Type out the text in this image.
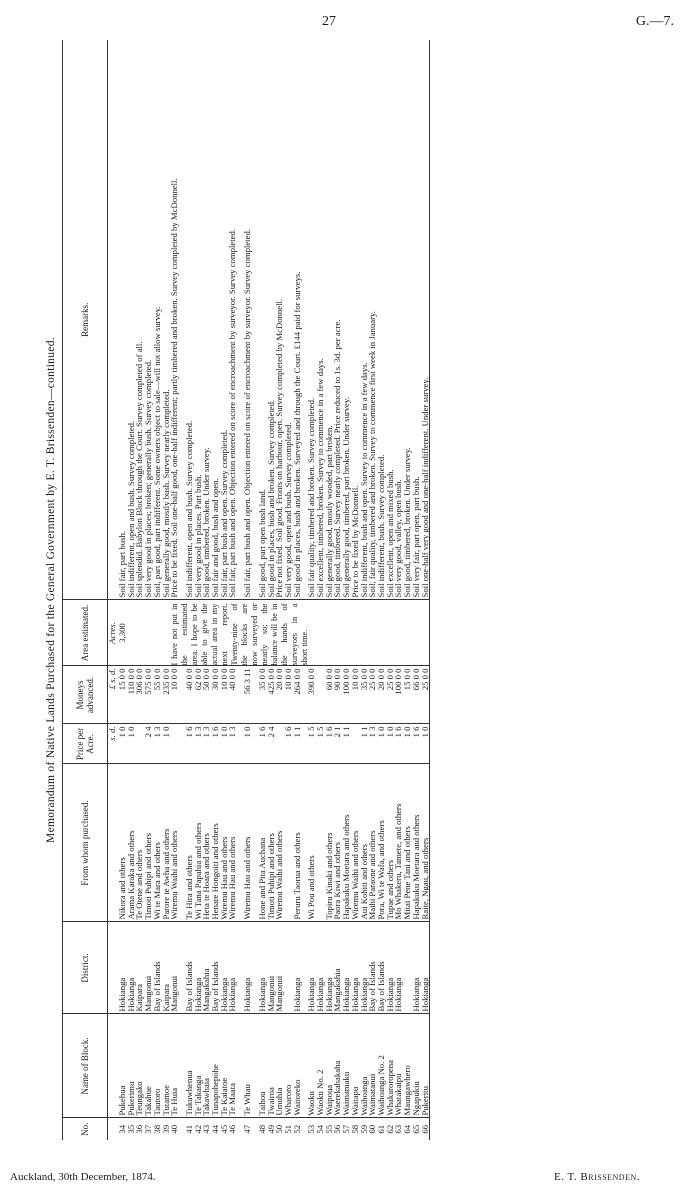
27	G.—7.
Memorandum of Native Lands Purchased for the General Government by E. T. Brissenden—continued.
No.	Name of Block.	District.	From whom purchased.	Price per Acre.	Moneys advanced.	Area estimated.	Remarks.
				s. d.	£ s. d.	Acres.	
34	Pukehua	Hokianga	Nikora and others	1 0	15 0 0	3,300 I have not put in the estimated area. I hope to be able to give the actual area in my next report. Twenty-nine of the blocks are now surveyed or nearly so; the balance will be in the hands of surveyors in a short time.	Soil fair, part bush.
35	Pukerimu	Hokianga	Arama Karaka and others	1 0	110 0 0		Soil indifferent, open and bush. Survey completed.
36	Teungako	Kaipara	Te Otene and others		306 0 0		Soil splendid. Babylon Block through the Court. Survey completed of all.
37	Takahue	Mangonui	Timoti Puhipi and others	2 4	575 0 0		Soil very good in places; broken; generally bush. Survey completed.
38	Tautoro	Bay of Islands	Wi te Mara and others	1 3	55 0 0		Soil, part good, part indifferent. Some owners object to sale—will not allow survey.
39	Tutamoe	Kaipara	Parore te Awha and others	1 0	235 0 0		Soil generally good, mostly bush. Survey nearly completed.
40	Te Huia	Mangonui	Wiremu Waihi and others		10 0 0		Price to be fixed. Soil one-half good, one-half indifferent; partly timbered and broken. Survey completed by McDonnell.

41	Tukuwhenua	Bay of Islands	Te Hira and others	1 6	40 0 0		Soil indifferent, open and bush. Survey completed.
42	Te Takanga	Hokianga	Wi Tana Papahia and others	1 3	62 0 0		Soil very good in places. Part bush.
43	Takawhaia	Mangakahia	Heta te Hoara and others	1 3	50 0 0		Soil good, timbered, broken. Under survey.
44	Tunapohepohe	Bay of Islands	Henare Hongoiti and others	1 6	30 0 0		Soil fair and good, bush and open.
45	Te Kaiatoe	Hokianga	Wiremu Hau and others	1 0	10 0 0		Soil fair, part bush and open. Survey completed.
46	Te Maata	Hokianga	Wiremu Hau and others	1 3	40 0 0		Soil fair, part bush and open. Objection entered on score of encroachment by surveyor. Survey completed.

47	Te Whau	Hokianga	Wiremu Hau and others	1 0	56 3 11		Soil fair, part bush and open. Objection entered on score of encroachment by surveyor. Survey completed.

48	Taihou	Hokianga	Hone and Pita Auchana	1 6	35 0 0		Soil good, part open bush land.
49	Twairoa	Mangonui	Timoti Puhipi and others	2 4	425 0 0		Soil good in places, bush and broken. Survey completed.
50	Umuhia	Mangonui	Wiremu Waihi and others		20 0 0		Price not fixed. Soil good. Fronts on harbour, open. Survey completed by McDonnell.
51	Wharoro			1 6	10 0 0		Soil very good, open and bush. Survey completed.
52	Waitoreko	Hokianga	Peruru Taorua and others	1 1	264 0 0		Soil good in places, bush and broken. Surveyed and through the Court. £144 paid for surveys.

53	Waoku	Hokianga	Wi Pou and others	1 5	390 0 0		Soil fair quality, timbered and broken. Survey completed.
54	Waoku No. 2	Hokianga		1 5			Soil excellent, timbered, broken. Survey to commence in a few days.
55	Waipoua	Hokianga	Topiru Kinaki and others	1 6	60 0 0		Soil generally good, mostly wooded, part broken.
56	Waerekahakaha	Mangakahia	Paora Kiwi and others	2 1	90 0 0		Soil good, timbered. Survey nearly completed. Price reduced to 1s. 3d. per acre.
57	Waimamaku	Hokianga	Hapakuku Moetara and others	1 1	100 0 0		Soil generally good, timbered, part broken. Under survey.
58	Waitapu	Hokianga	Wiremu Waihi and others		10 0 0		Price to be fixed by McDonnell.
59	Waihoanga	Hokianga	Aui Kohiti and others	1 1	35 0 0		Soil indifferent, bush and open. Survey to commence in a few days.
60	Waimatanui	Bay of Islands	Maihi Paraone and others	1 3	25 0 0		Soil, fair quality, timbered and broken. Survey to commence first week in January.
61	Waihoanga No. 2	Bay of Islands	Pora, Wi te Wafa, and others	1 0	20 0 0		Soil indifferent, bush. Survey completed.
62	Whakaroropena	Hokianga	Tupae and others	1 0	25 0 0		Soil excellent, open and mixed bush.
63	Whatakaipu	Hokianga	Mo Whakeru, Tamete, and others	1 6	100 0 0		Soil very good, valley, open bush.
64	Maungawhero		Mitai Pene Tani and others	1 0	15 0 0		Soil good, timbered, broken. Under survey.
65	Ngapukiu	Hokianga	Hapakuku Moetara and others	1 6	66 0 0		Soil very fair, part open, part bush.
66	Pukeritu	Hokianga	Raite, Ngau, and others	1 0	25 0 0		Soil one-half very good and one-half indifferent. Under survey.
Auckland, 30th December, 1874.	E. T. Brissenden.
